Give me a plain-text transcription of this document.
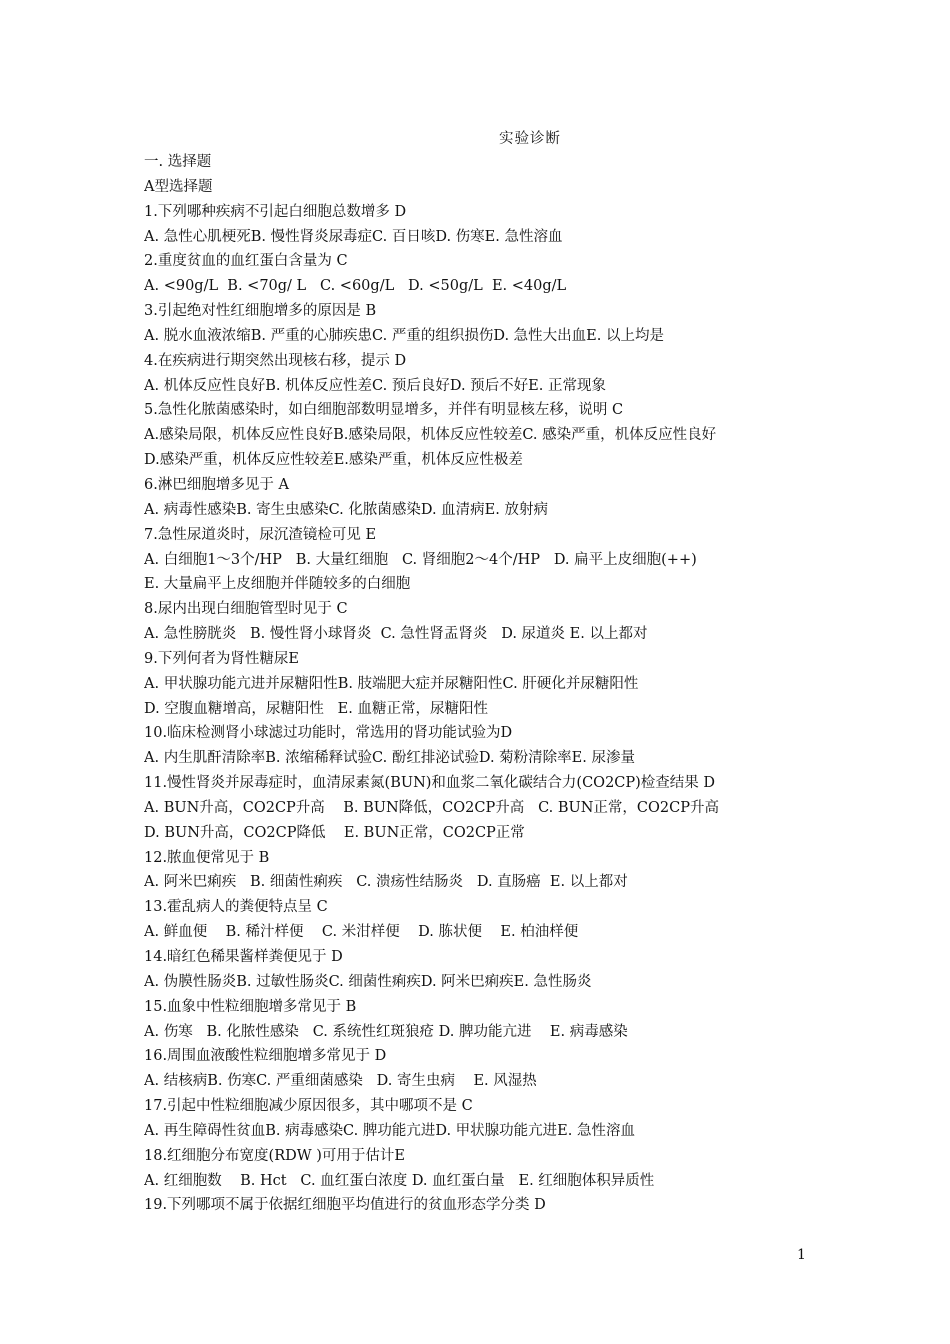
实验诊断
一. 选择题
A型选择题
1.下列哪种疾病不引起白细胞总数增多 D
A. 急性心肌梗死B. 慢性肾炎尿毒症C. 百日咳D. 伤寒E. 急性溶血
2.重度贫血的血红蛋白含量为 C
A. <90g/L  B. <70g/ L   C. <60g/L   D. <50g/L  E. <40g/L
3.引起绝对性红细胞增多的原因是 B
A. 脱水血液浓缩B. 严重的心肺疾患C. 严重的组织损伤D. 急性大出血E. 以上均是
4.在疾病进行期突然出现核右移，提示 D
A. 机体反应性良好B. 机体反应性差C. 预后良好D. 预后不好E. 正常现象
5.急性化脓菌感染时，如白细胞部数明显增多，并伴有明显核左移，说明 C
A.感染局限，机体反应性良好B.感染局限，机体反应性较差C. 感染严重，机体反应性良好
D.感染严重，机体反应性较差E.感染严重，机体反应性极差
6.淋巴细胞增多见于 A
A. 病毒性感染B. 寄生虫感染C. 化脓菌感染D. 血清病E. 放射病
7.急性尿道炎时，尿沉渣镜检可见 E
A. 白细胞1～3个/HP   B. 大量红细胞   C. 肾细胞2～4个/HP   D. 扁平上皮细胞(++)
E. 大量扁平上皮细胞并伴随较多的白细胞
8.尿内出现白细胞管型时见于 C
A. 急性膀胱炎   B. 慢性肾小球肾炎  C. 急性肾盂肾炎   D. 尿道炎 E. 以上都对
9.下列何者为肾性糖尿E
A. 甲状腺功能亢进并尿糖阳性B. 肢端肥大症并尿糖阳性C. 肝硬化并尿糖阳性
D. 空腹血糖增高，尿糖阳性   E. 血糖正常，尿糖阳性
10.临床检测肾小球滤过功能时，常选用的肾功能试验为D
A. 内生肌酐清除率B. 浓缩稀释试验C. 酚红排泌试验D. 菊粉清除率E. 尿渗量
11.慢性肾炎并尿毒症时，血清尿素氮(BUN)和血浆二氧化碳结合力(CO2CP)检查结果 D
A. BUN升高，CO2CP升高    B. BUN降低，CO2CP升高   C. BUN正常，CO2CP升高
D. BUN升高，CO2CP降低    E. BUN正常，CO2CP正常
12.脓血便常见于 B
A. 阿米巴痢疾   B. 细菌性痢疾   C. 溃疡性结肠炎   D. 直肠癌  E. 以上都对
13.霍乱病人的粪便特点呈 C
A. 鲜血便    B. 稀汁样便    C. 米泔样便    D. 胨状便    E. 柏油样便
14.暗红色稀果酱样粪便见于 D
A. 伪膜性肠炎B. 过敏性肠炎C. 细菌性痢疾D. 阿米巴痢疾E. 急性肠炎
15.血象中性粒细胞增多常见于 B
A. 伤寒   B. 化脓性感染   C. 系统性红斑狼疮 D. 脾功能亢进    E. 病毒感染
16.周围血液酸性粒细胞增多常见于 D
A. 结核病B. 伤寒C. 严重细菌感染   D. 寄生虫病    E. 风湿热
17.引起中性粒细胞减少原因很多，其中哪项不是 C
A. 再生障碍性贫血B. 病毒感染C. 脾功能亢进D. 甲状腺功能亢进E. 急性溶血
18.红细胞分布宽度(RDW )可用于估计E
A. 红细胞数    B. Hct   C. 血红蛋白浓度 D. 血红蛋白量   E. 红细胞体积异质性
19.下列哪项不属于依据红细胞平均值进行的贫血形态学分类 D
1
